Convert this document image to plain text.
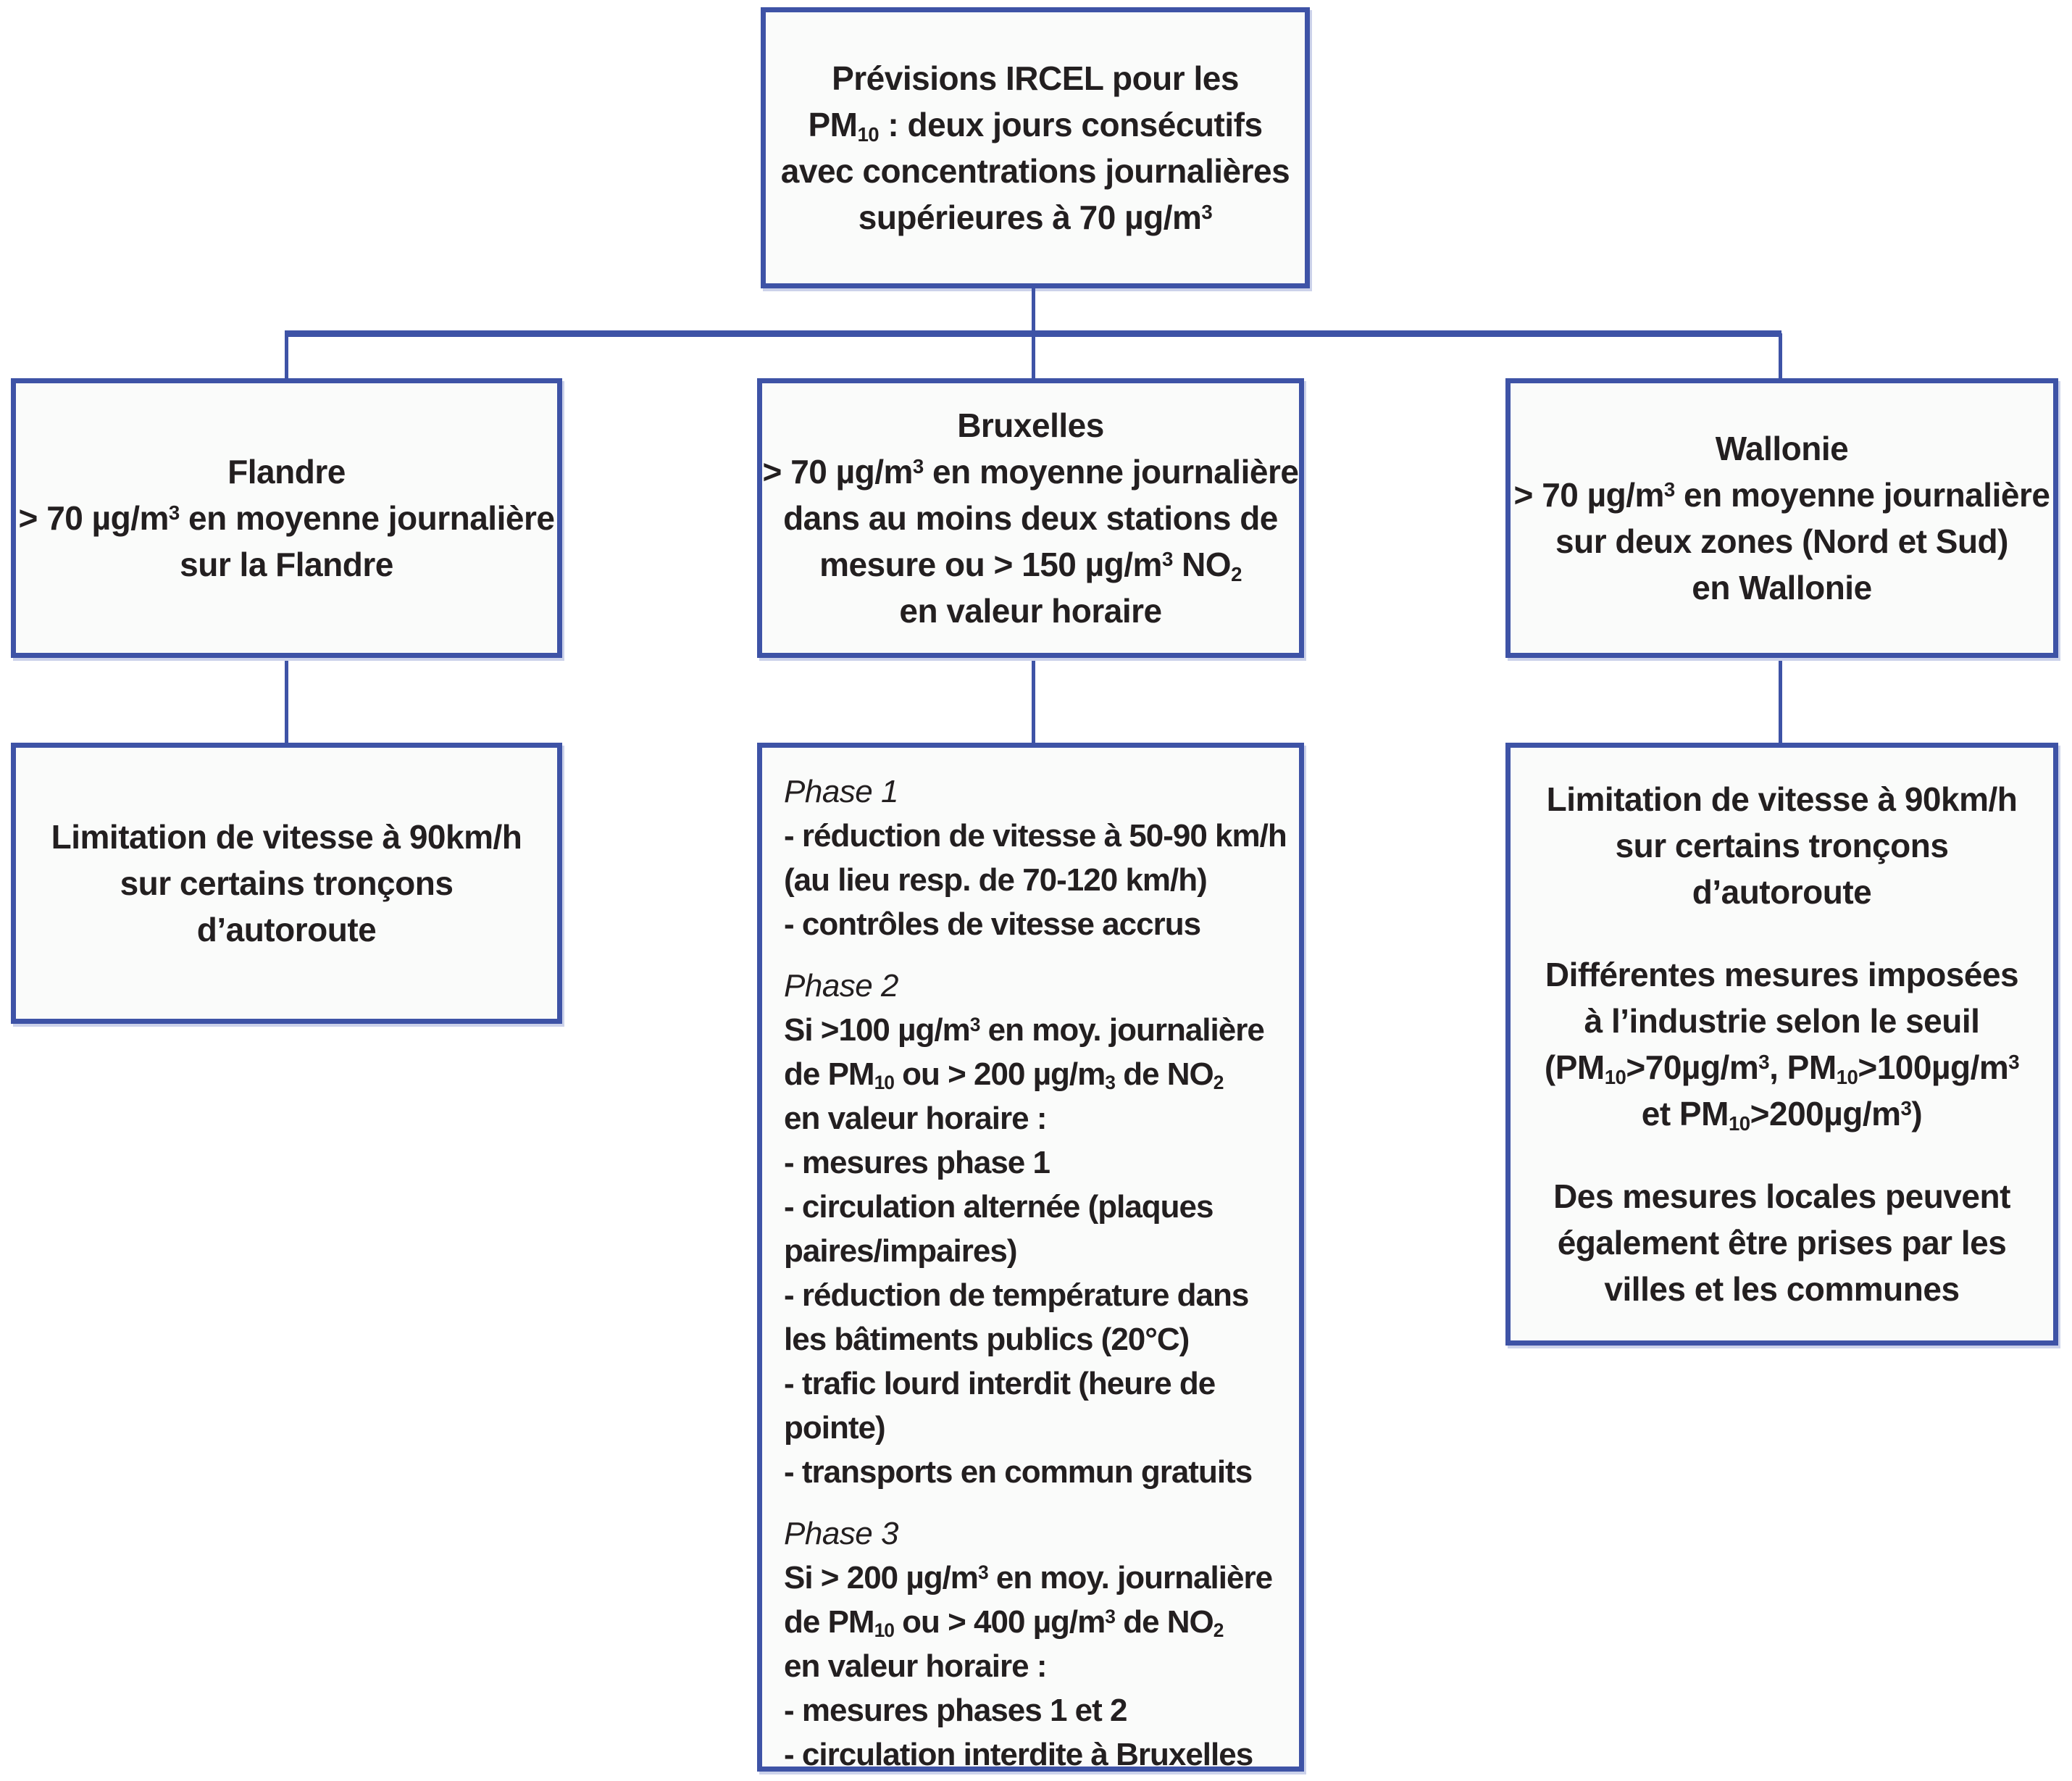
Prévisions IRCEL pour les
$PM_{10}$ : deux jours consécutifs
avec concentrations journalières
supérieures à 70 $\mu g/m^3$
Flandre
> 70 $\mu g/m^3$ en moyenne journalière
sur la Flandre
Bruxelles
> 70 $\mu g/m^3$ en moyenne journalière
dans au moins deux stations de
mesure ou > 150 $\mu g/m^3$ $NO_2$
en valeur horaire
Wallonie
> 70 $\mu g/m^3$ en moyenne journalière
sur deux zones (Nord et Sud)
en Wallonie
Limitation de vitesse à 90km/h
sur certains tronçons
d’autoroute
Phase 1
- réduction de vitesse à 50-90 km/h
(au lieu resp. de 70-120 km/h)
- contrôles de vitesse accrus
Phase 2
Si >100 $\mu g/m^3$ en moy. journalière
de $PM_{10}$ ou > 200 $\mu g/m_3$ de $NO_2$
en valeur horaire :
- mesures phase 1
- circulation alternée (plaques
paires/impaires)
- réduction de température dans
les bâtiments publics (20°C)
- trafic lourd interdit (heure de
pointe)
- transports en commun gratuits
Phase 3
Si > 200 $\mu g/m^3$ en moy. journalière
de $PM_{10}$ ou > 400 $\mu g/m^3$ de $NO_2$
en valeur horaire :
- mesures phases 1 et 2
- circulation interdite à Bruxelles
Limitation de vitesse à 90km/h
sur certains tronçons
d’autoroute
Différentes mesures imposées
à l’industrie selon le seuil
($PM_{10}>70\mu g/m^3$, $PM_{10}>100\mu g/m^3$
et $PM_{10}>200\mu g/m^3$)
Des mesures locales peuvent
également être prises par les
villes et les communes
